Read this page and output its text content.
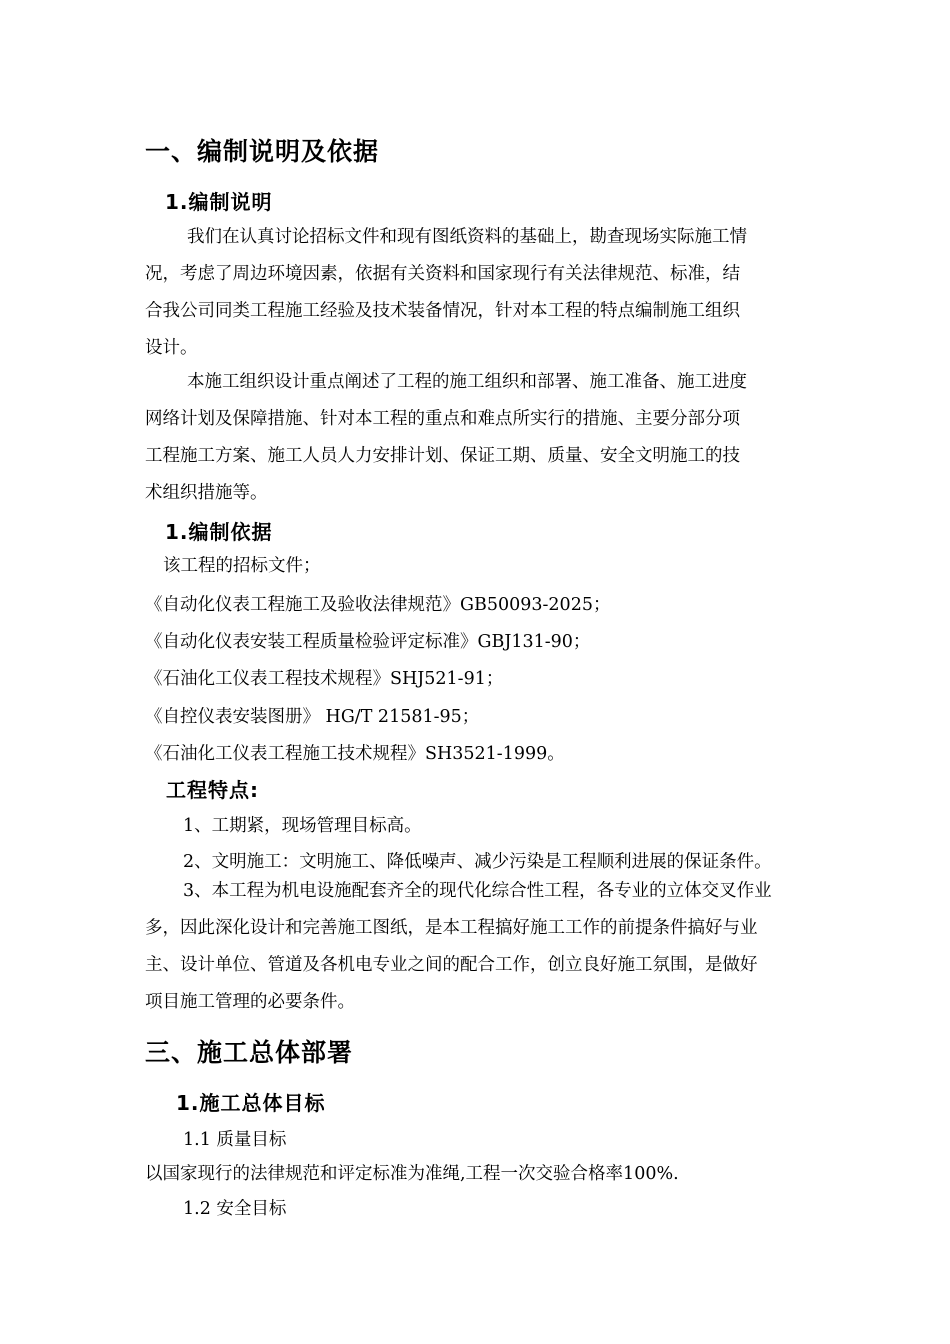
一、编制说明及依据
1.编制说明
我们在认真讨论招标文件和现有图纸资料的基础上，勘查现场实际施工情
况，考虑了周边环境因素，依据有关资料和国家现行有关法律规范、标准，结
合我公司同类工程施工经验及技术装备情况，针对本工程的特点编制施工组织
设计。
本施工组织设计重点阐述了工程的施工组织和部署、施工准备、施工进度
网络计划及保障措施、针对本工程的重点和难点所实行的措施、主要分部分项
工程施工方案、施工人员人力安排计划、保证工期、质量、安全文明施工的技
术组织措施等。
1.编制依据
该工程的招标文件；
《自动化仪表工程施工及验收法律规范》GB50093-2025；
《自动化仪表安装工程质量检验评定标准》GBJ131-90；
《石油化工仪表工程技术规程》SHJ521-91；
《自控仪表安装图册》 HG/T 21581-95；
《石油化工仪表工程施工技术规程》SH3521-1999。
工程特点:
1、工期紧，现场管理目标高。
2、文明施工：文明施工、降低噪声、减少污染是工程顺利进展的保证条件。
3、本工程为机电设施配套齐全的现代化综合性工程，各专业的立体交叉作业
多，因此深化设计和完善施工图纸，是本工程搞好施工工作的前提条件搞好与业
主、设计单位、管道及各机电专业之间的配合工作，创立良好施工氛围，是做好
项目施工管理的必要条件。
三、施工总体部署
1.施工总体目标
1.1 质量目标
以国家现行的法律规范和评定标准为准绳,工程一次交验合格率100%.
1.2 安全目标
